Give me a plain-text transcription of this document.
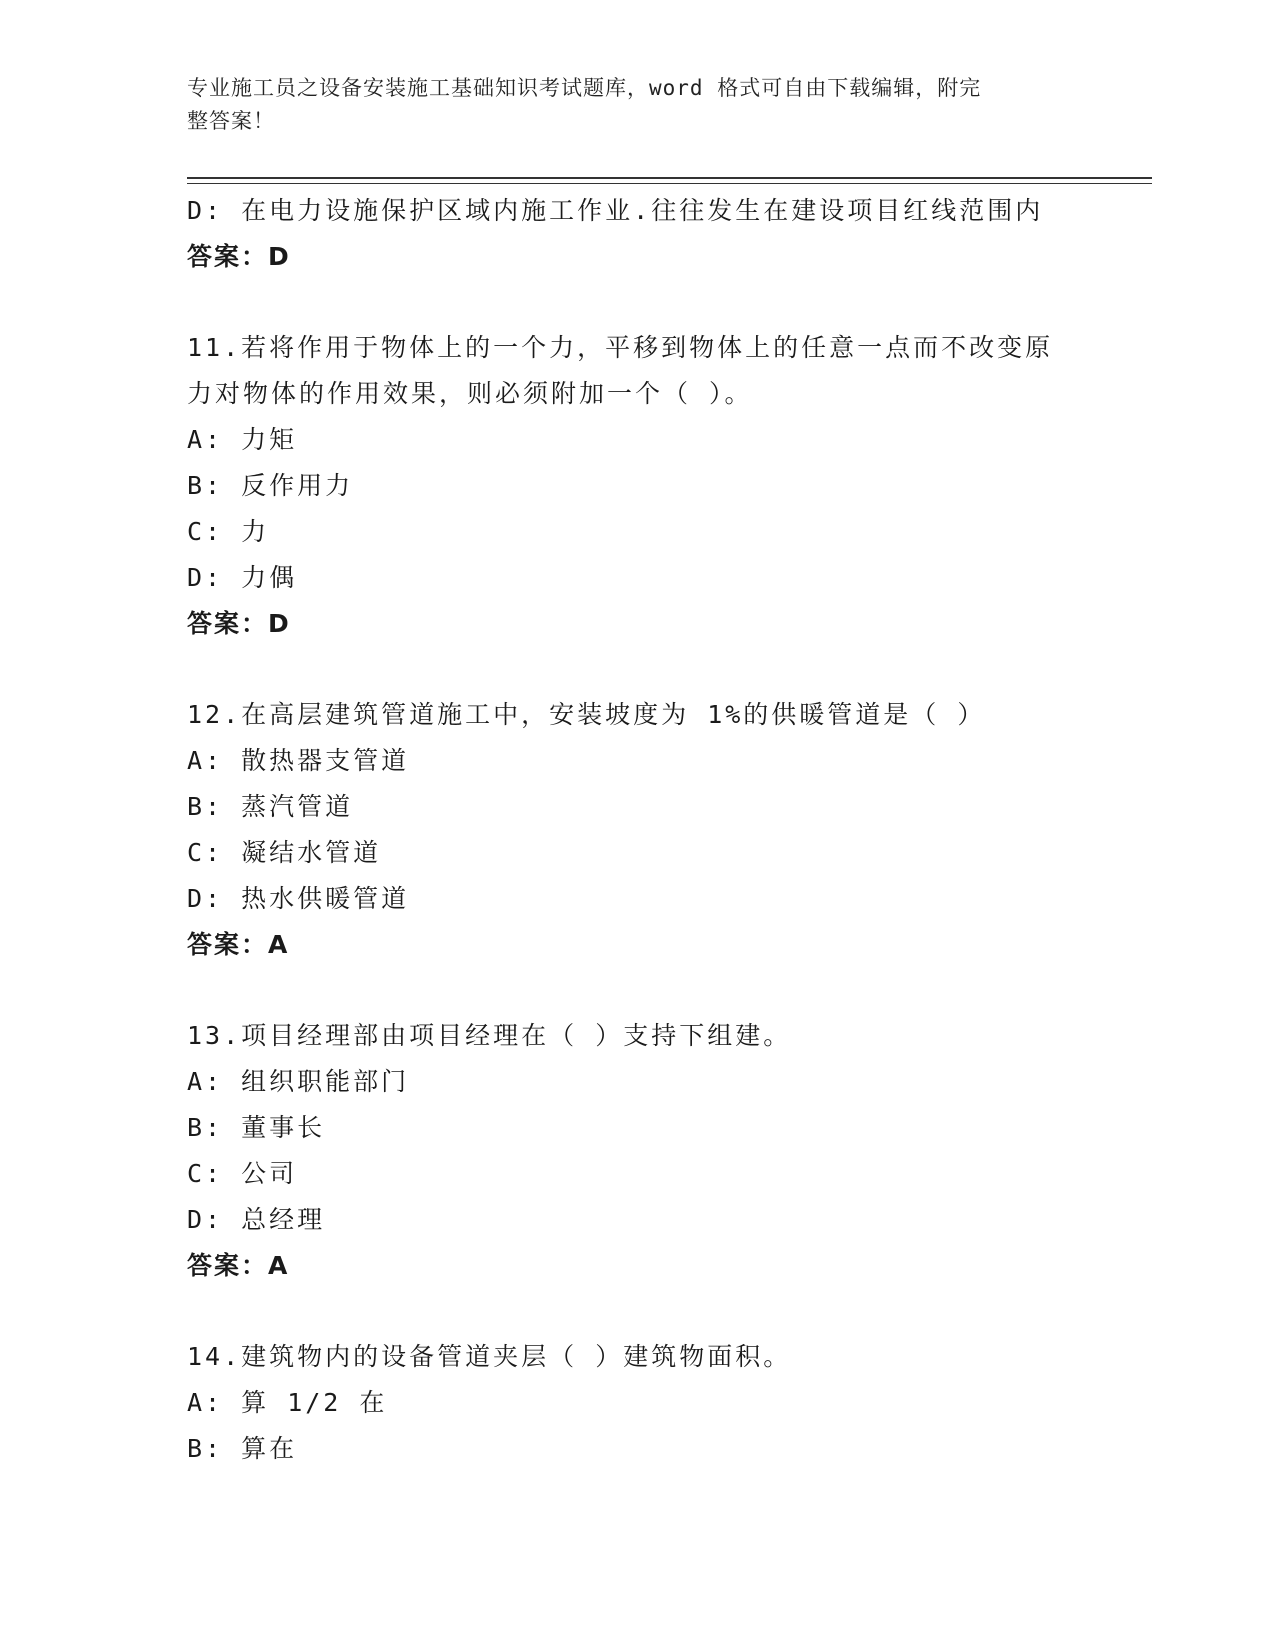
专业施工员之设备安装施工基础知识考试题库，word 格式可自由下载编辑，附完
整答案！
D: 在电力设施保护区域内施工作业.往往发生在建设项目红线范围内
答案：D
11.若将作用于物体上的一个力，平移到物体上的任意一点而不改变原
力对物体的作用效果，则必须附加一个（ ）。
A: 力矩
B: 反作用力
C: 力
D: 力偶
答案：D
12.在高层建筑管道施工中，安装坡度为 1%的供暖管道是（ ）
A: 散热器支管道
B: 蒸汽管道
C: 凝结水管道
D: 热水供暖管道
答案：A
13.项目经理部由项目经理在（ ）支持下组建。
A: 组织职能部门
B: 董事长
C: 公司
D: 总经理
答案：A
14.建筑物内的设备管道夹层（ ）建筑物面积。
A: 算 1/2 在
B: 算在
